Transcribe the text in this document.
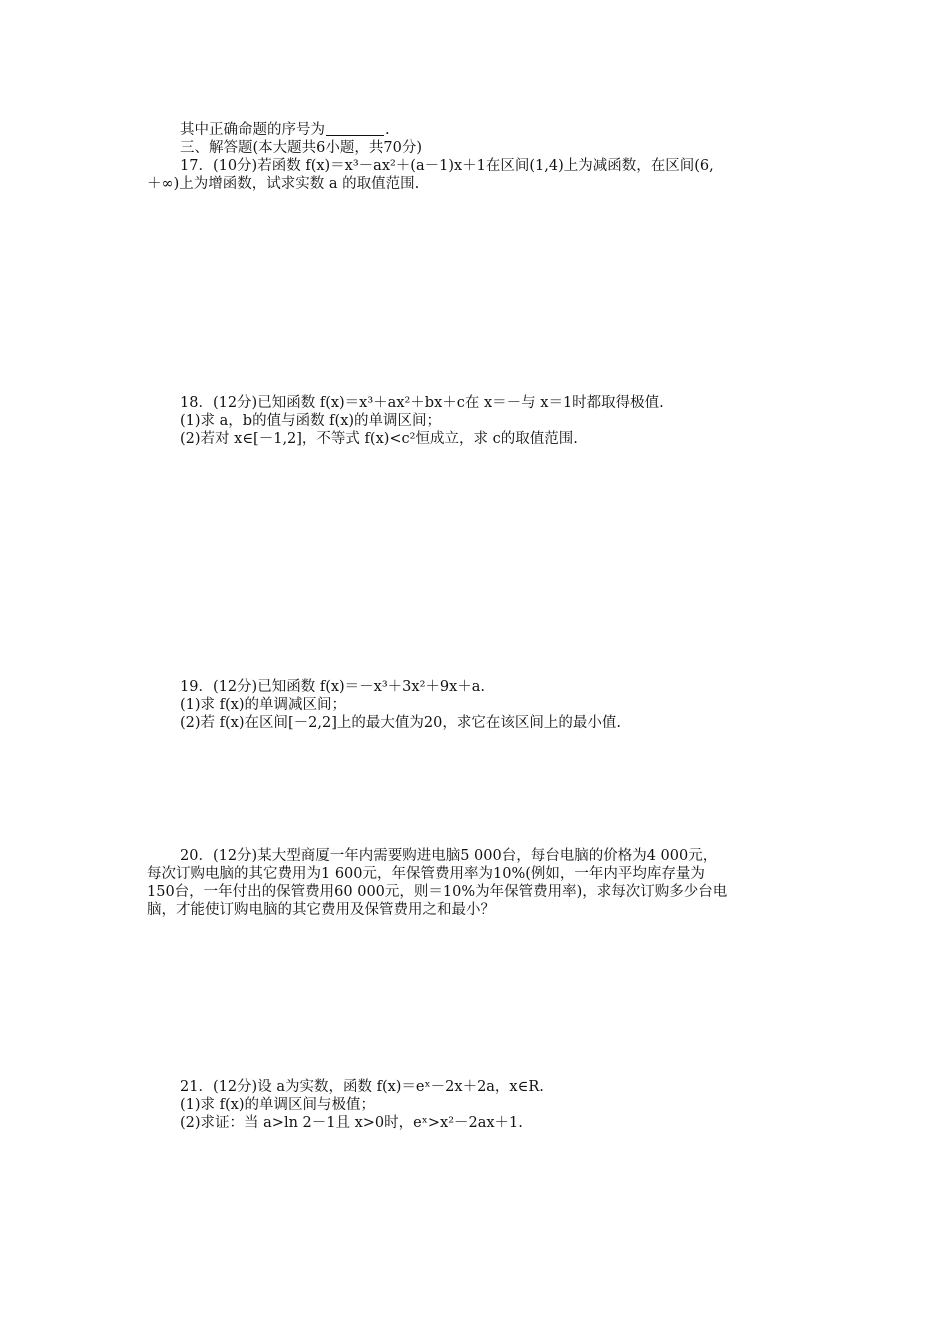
其中正确命题的序号为	.
三、解答题(本大题共6小题，共70分)
17．(10分)若函数 f(x)＝x³－ax²＋(a－1)x＋1在区间(1,4)上为减函数，在区间(6,
＋∞)上为增函数，试求实数 a 的取值范围.
18．(12分)已知函数 f(x)＝x³＋ax²＋bx＋c在 x＝－与 x＝1时都取得极值.
(1)求 a，b的值与函数 f(x)的单调区间；
(2)若对 x∈[－1,2]，不等式 f(x)<c²恒成立，求 c的取值范围.
19．(12分)已知函数 f(x)＝－x³＋3x²＋9x＋a.
(1)求 f(x)的单调减区间；
(2)若 f(x)在区间[－2,2]上的最大值为20，求它在该区间上的最小值.
20．(12分)某大型商厦一年内需要购进电脑5 000台，每台电脑的价格为4 000元，
每次订购电脑的其它费用为1 600元，年保管费用率为10%(例如，一年内平均库存量为
150台，一年付出的保管费用60 000元，则＝10%为年保管费用率)，求每次订购多少台电
脑，才能使订购电脑的其它费用及保管费用之和最小？
21．(12分)设 a为实数，函数 f(x)＝eˣ－2x＋2a，x∈R.
(1)求 f(x)的单调区间与极值；
(2)求证：当 a>ln 2－1且 x>0时，eˣ>x²－2ax＋1.
